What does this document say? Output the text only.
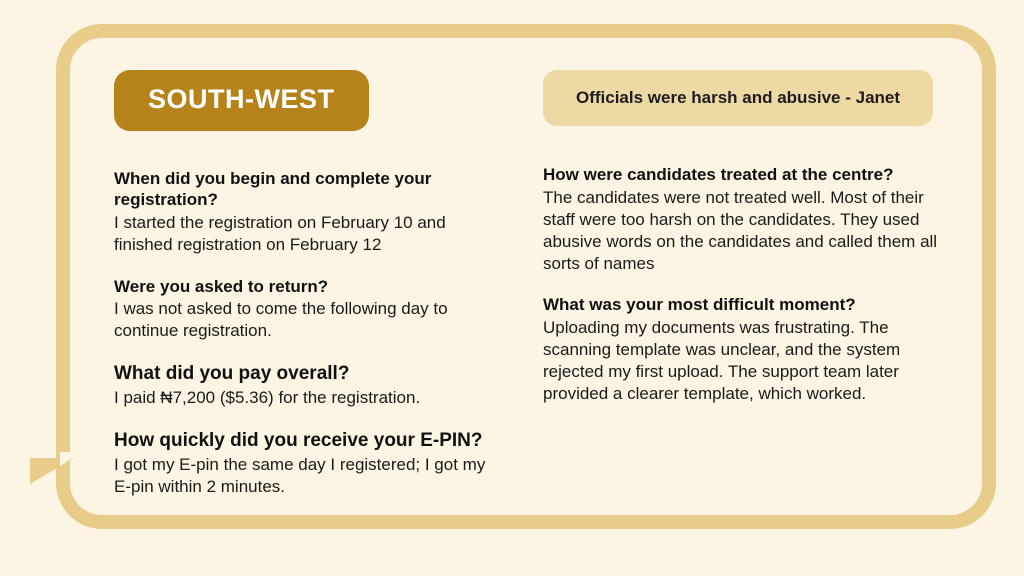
SOUTH-WEST

When did you begin and complete your registration?

I started the registration on February 10 and finished registration on February 12

Were you asked to return?

I was not asked to come the following day to continue registration.

What did you pay overall?

I paid ₦7,200 ($5.36) for the registration.

How quickly did you receive your E-PIN?

I got my E-pin the same day I registered; I got my E-pin within 2 minutes.

Officials were harsh and abusive - Janet

How were candidates treated at the centre?

The candidates were not treated well. Most of their staff were too harsh on the candidates. They used abusive words on the candidates and called them all sorts of names

What was your most difficult moment?

Uploading my documents was frustrating. The scanning template was unclear, and the system rejected my first upload. The support team later provided a clearer template, which worked.
